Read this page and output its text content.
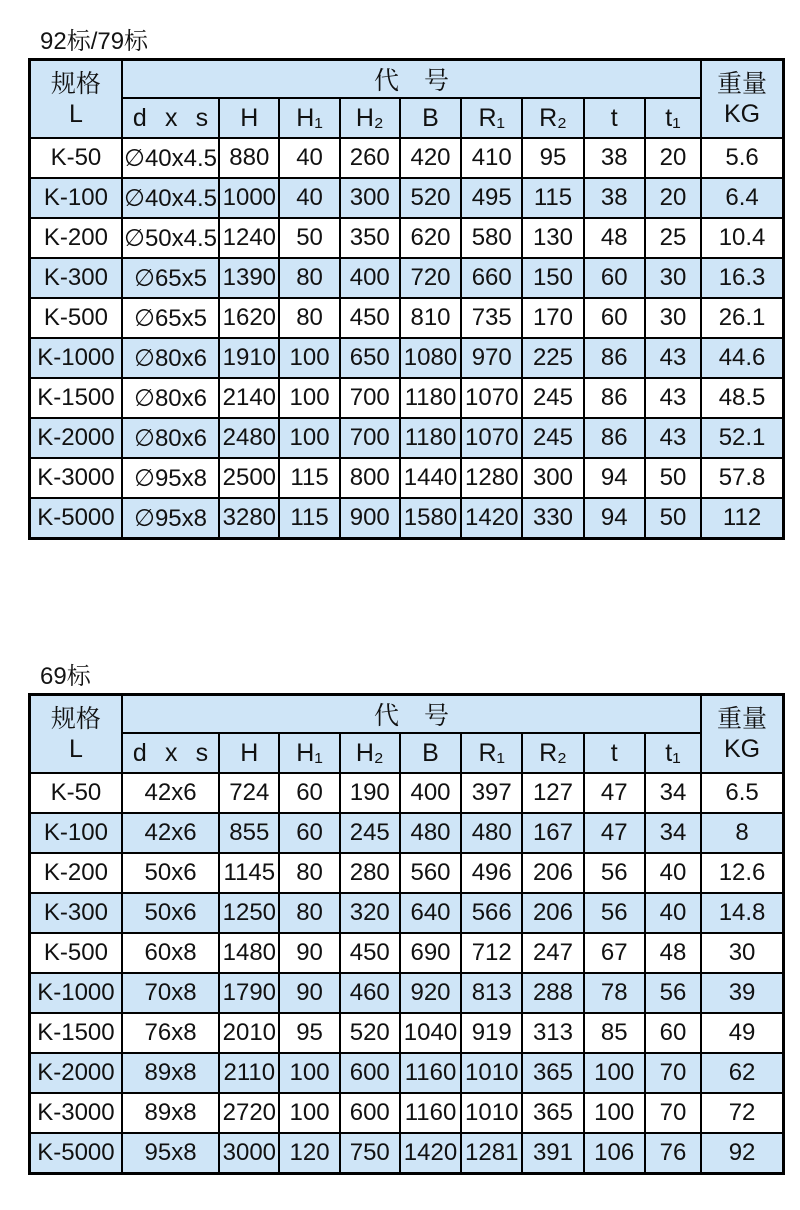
92标/79标
规格
L
	代　号	重量
KG

	d x s	H	H₁	H₂	B	R₁	R₂	t	t₁	
K-50	∅40x4.5	880	40	260	420	410	95	38	20	5.6
K-100	∅40x4.5	1000	40	300	520	495	115	38	20	6.4
K-200	∅50x4.5	1240	50	350	620	580	130	48	25	10.4
K-300	∅65x5	1390	80	400	720	660	150	60	30	16.3
K-500	∅65x5	1620	80	450	810	735	170	60	30	26.1
K-1000	∅80x6	1910	100	650	1080	970	225	86	43	44.6
K-1500	∅80x6	2140	100	700	1180	1070	245	86	43	48.5
K-2000	∅80x6	2480	100	700	1180	1070	245	86	43	52.1
K-3000	∅95x8	2500	115	800	1440	1280	300	94	50	57.8
K-5000	∅95x8	3280	115	900	1580	1420	330	94	50	112
69标
规格
L
	代　号	重量
KG

	d x s	H	H₁	H₂	B	R₁	R₂	t	t₁	
K-50	42x6	724	60	190	400	397	127	47	34	6.5
K-100	42x6	855	60	245	480	480	167	47	34	8
K-200	50x6	1145	80	280	560	496	206	56	40	12.6
K-300	50x6	1250	80	320	640	566	206	56	40	14.8
K-500	60x8	1480	90	450	690	712	247	67	48	30
K-1000	70x8	1790	90	460	920	813	288	78	56	39
K-1500	76x8	2010	95	520	1040	919	313	85	60	49
K-2000	89x8	2110	100	600	1160	1010	365	100	70	62
K-3000	89x8	2720	100	600	1160	1010	365	100	70	72
K-5000	95x8	3000	120	750	1420	1281	391	106	76	92
